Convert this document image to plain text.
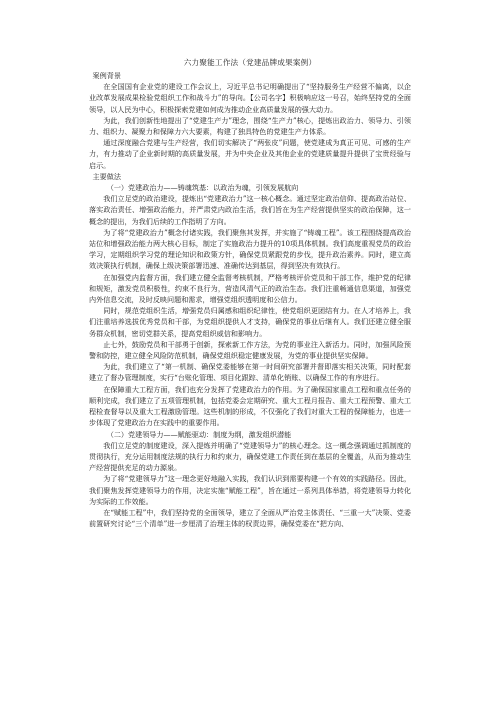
六力聚能工作法（党建品牌成果案例）

案例背景

在全国国有企业党的建设工作会议上，习近平总书记明确提出了“坚持服务生产经营不偏离，以企业改革发展成果检验党组织工作和战斗力”的导向。【公司名字】积极响应这一号召，始终坚持党的全面领导，以人民为中心，积极探索党建如何成为推动企业高质量发展的强大动力。

为此，我们创新性地提出了“党建生产力”理念，围绕“生产力”核心，提炼出政治力、领导力、引领力、组织力、凝聚力和保障力六大要素，构建了独具特色的党建生产力体系。

通过深度融合党建与生产经营，我们切实解决了“两张皮”问题，使党建成为真正可见、可感的生产力，有力推动了企业新时期的高质量发展，并为中央企业及其他企业的党建质量提升提供了宝贵经验与启示。

主要做法

（一）党建政治力——铸魂筑基：以政治为魂，引领发展航向

我们立足党的政治建设，提炼出“党建政治力”这一核心概念。通过坚定政治信仰、提高政治站位、落实政治责任、增强政治能力，并严肃党内政治生活，我们旨在为生产经营提供坚实的政治保障，这一概念的提出，为我们后续的工作指明了方向。

为了将“党建政治力”概念付诸实践，我们聚焦其发挥，并实施了“铸魂工程”。该工程围绕提高政治站位和增强政治能力两大核心目标，制定了实施政治力提升的10项具体机制。我们高度重视党员的政治学习，定期组织学习党的理论知识和政策方针，确保党员紧跟党的步伐，提升政治素养。同时，建立高效决策执行机制，确保上级决策部署迅速、准确传达到基层，得到坚决有效执行。

在加强党内监督方面，我们建立健全监督考核机制，严格考核评价党员和干部工作，维护党的纪律和规矩，激发党员积极性，约束不良行为，营造风清气正的政治生态。我们注重畅通信息渠道，加强党内外信息交流，及时反映问题和需求，增强党组织透明度和公信力。

同时，规范党组织生活，增强党员归属感和组织纪律性，使党组织更团结有力。在人才培养上，我们注重培养选拔优秀党员和干部，为党组织提供人才支持，确保党的事业后继有人。我们还建立健全服务群众机制，密切党群关系，提高党组织威信和影响力。

止七外，鼓励党员和干部勇于创新，探索新工作方法，为党的事业注入新活力。同时，加强风险预警和防控，建立健全风险防范机制，确保党组织稳定健康发展，为党的事业提供坚实保障。

为此，我们建立了“第一机制、确保党委能够在第一时间研究部署并督即落实相关决策，同时配套建立了督办管理制度，实行“台账化管理、项目化跟踪、清单化销账、以确保工作的有序进行。

在保障重大工程方面，我们也充分发挥了党建政治力的作用。为了确保国家重点工程和重点任务的顺利完成，我们建立了五项管理机制，包括党委会定期研究、重大工程月报告、重大工程预警、重大工程检查督导以及重大工程激励管理。这些机制的形成，不仅强化了我们对重大工程的保障能力，也进一步体现了党建政治力在实践中的重要作用。

（二）党建领导力——赋能驱动：制度为纲，激发组织潜能

我们立足党的制度建设，深入提炼并明确了“党建领导力”的核心理念。这一概念强调通过抓制度的贯彻执行，充分运用制度法规的执行力和约束力，确保党建工作责任到在基层的全覆盖，从而为推动生产经营提供充足的动力源泉。

为了将“党建领导力”这一理念更好地融入实践，我们认识到需要构建一个有效的实践路径。因此，我们聚焦发挥党建领导力的作用，决定实施“赋能工程”，旨在通过一系列具体举措，将党建领导力转化为实际的工作效能。

在“赋能工程”中，我们坚持党的全面领导，建立了全面从严治党主体责任、“三重一大”决策、党委前置研究讨论“三个清单”进一步厘清了治理主体的权责边界，确保党委在“把方向、
